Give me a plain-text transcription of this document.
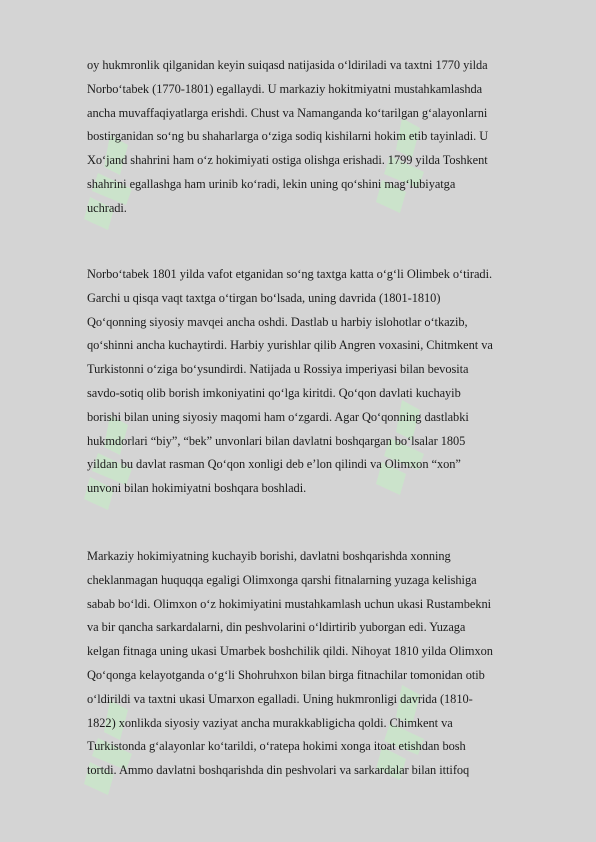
oy hukmronlik qilganidan keyin suiqasd natijasida o‘ldiriladi va taxtni 1770 yilda
Norbo‘tabek (1770-1801) egallaydi. U markaziy hokitmiyatni mustahkamlashda
ancha muvaffaqiyatlarga erishdi. Chust va Namanganda ko‘tarilgan g‘alayonlarni
bostirganidan so‘ng bu shaharlarga o‘ziga sodiq kishilarni hokim etib tayinladi. U
Xo‘jand shahrini ham o‘z hokimiyati ostiga olishga erishadi. 1799 yilda Toshkent
shahrini egallashga ham urinib ko‘radi, lekin uning qo‘shini mag‘lubiyatga
uchradi.
Norbo‘tabek 1801 yilda vafot etganidan so‘ng taxtga katta o‘g‘li Olimbek o‘tiradi.
Garchi u qisqa vaqt taxtga o‘tirgan bo‘lsada, uning davrida (1801-1810)
Qo‘qonning siyosiy mavqei ancha oshdi. Dastlab u harbiy islohotlar o‘tkazib,
qo‘shinni ancha kuchaytirdi. Harbiy yurishlar qilib Angren voxasini, Chitmkent va
Turkistonni o‘ziga bo‘ysundirdi. Natijada u Rossiya imperiyasi bilan bevosita
savdo-sotiq olib borish imkoniyatini qo‘lga kiritdi. Qo‘qon davlati kuchayib
borishi bilan uning siyosiy maqomi ham o‘zgardi. Agar Qo‘qonning dastlabki
hukmdorlari “biy”, “bek” unvonlari bilan davlatni boshqargan bo‘lsalar 1805
yildan bu davlat rasman Qo‘qon xonligi deb e’lon qilindi va Olimxon “xon”
unvoni bilan hokimiyatni boshqara boshladi.
Markaziy hokimiyatning kuchayib borishi, davlatni boshqarishda xonning
cheklanmagan huquqqa egaligi Olimxonga qarshi fitnalarning yuzaga kelishiga
sabab bo‘ldi. Olimxon o‘z hokimiyatini mustahkamlash uchun ukasi Rustambekni
va bir qancha sarkardalarni, din peshvolarini o‘ldirtirib yuborgan edi. Yuzaga
kelgan fitnaga uning ukasi Umarbek boshchilik qildi. Nihoyat 1810 yilda Olimxon
Qo‘qonga kelayotganda o‘g‘li Shohruhxon bilan birga fitnachilar tomonidan otib
o‘ldirildi va taxtni ukasi Umarxon egalladi. Uning hukmronligi davrida (1810-
1822) xonlikda siyosiy vaziyat ancha murakkabligicha qoldi. Chimkent va
Turkistonda g‘alayonlar ko‘tarildi, o‘ratepa hokimi xonga itoat etishdan bosh
tortdi. Ammo davlatni boshqarishda din peshvolari va sarkardalar bilan ittifoq
